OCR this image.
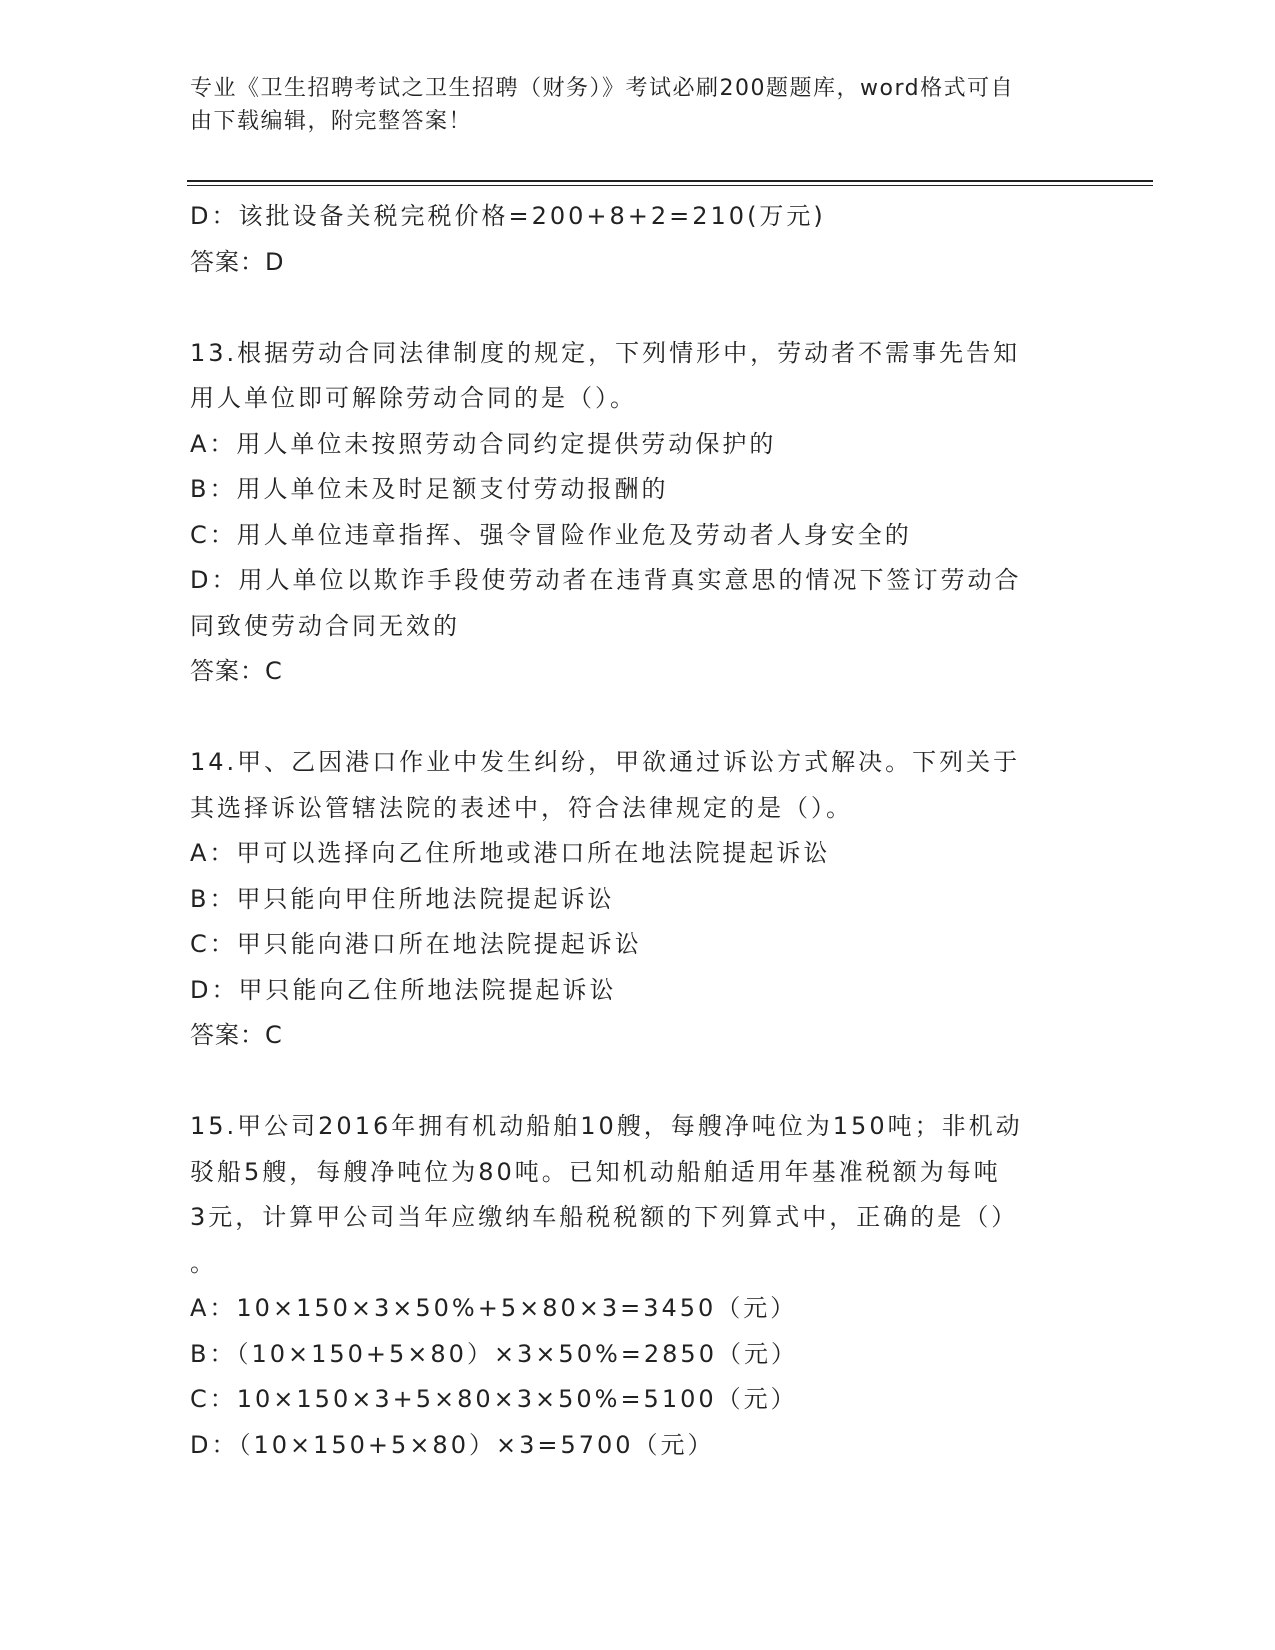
专业《卫生招聘考试之卫生招聘（财务）》考试必刷200题题库，word格式可自
由下载编辑，附完整答案！
D：该批设备关税完税价格=200+8+2=210(万元)
答案：D
13.根据劳动合同法律制度的规定，下列情形中，劳动者不需事先告知
用人单位即可解除劳动合同的是（）。
A：用人单位未按照劳动合同约定提供劳动保护的
B：用人单位未及时足额支付劳动报酬的
C：用人单位违章指挥、强令冒险作业危及劳动者人身安全的
D：用人单位以欺诈手段使劳动者在违背真实意思的情况下签订劳动合
同致使劳动合同无效的
答案：C
14.甲、乙因港口作业中发生纠纷，甲欲通过诉讼方式解决。下列关于
其选择诉讼管辖法院的表述中，符合法律规定的是（）。
A：甲可以选择向乙住所地或港口所在地法院提起诉讼
B：甲只能向甲住所地法院提起诉讼
C：甲只能向港口所在地法院提起诉讼
D：甲只能向乙住所地法院提起诉讼
答案：C
15.甲公司2016年拥有机动船舶10艘，每艘净吨位为150吨；非机动
驳船5艘，每艘净吨位为80吨。已知机动船舶适用年基准税额为每吨
3元，计算甲公司当年应缴纳车船税税额的下列算式中，正确的是（）
。
A：10×150×3×50%+5×80×3=3450（元）
B：（10×150+5×80）×3×50%=2850（元）
C：10×150×3+5×80×3×50%=5100（元）
D：（10×150+5×80）×3=5700（元）
